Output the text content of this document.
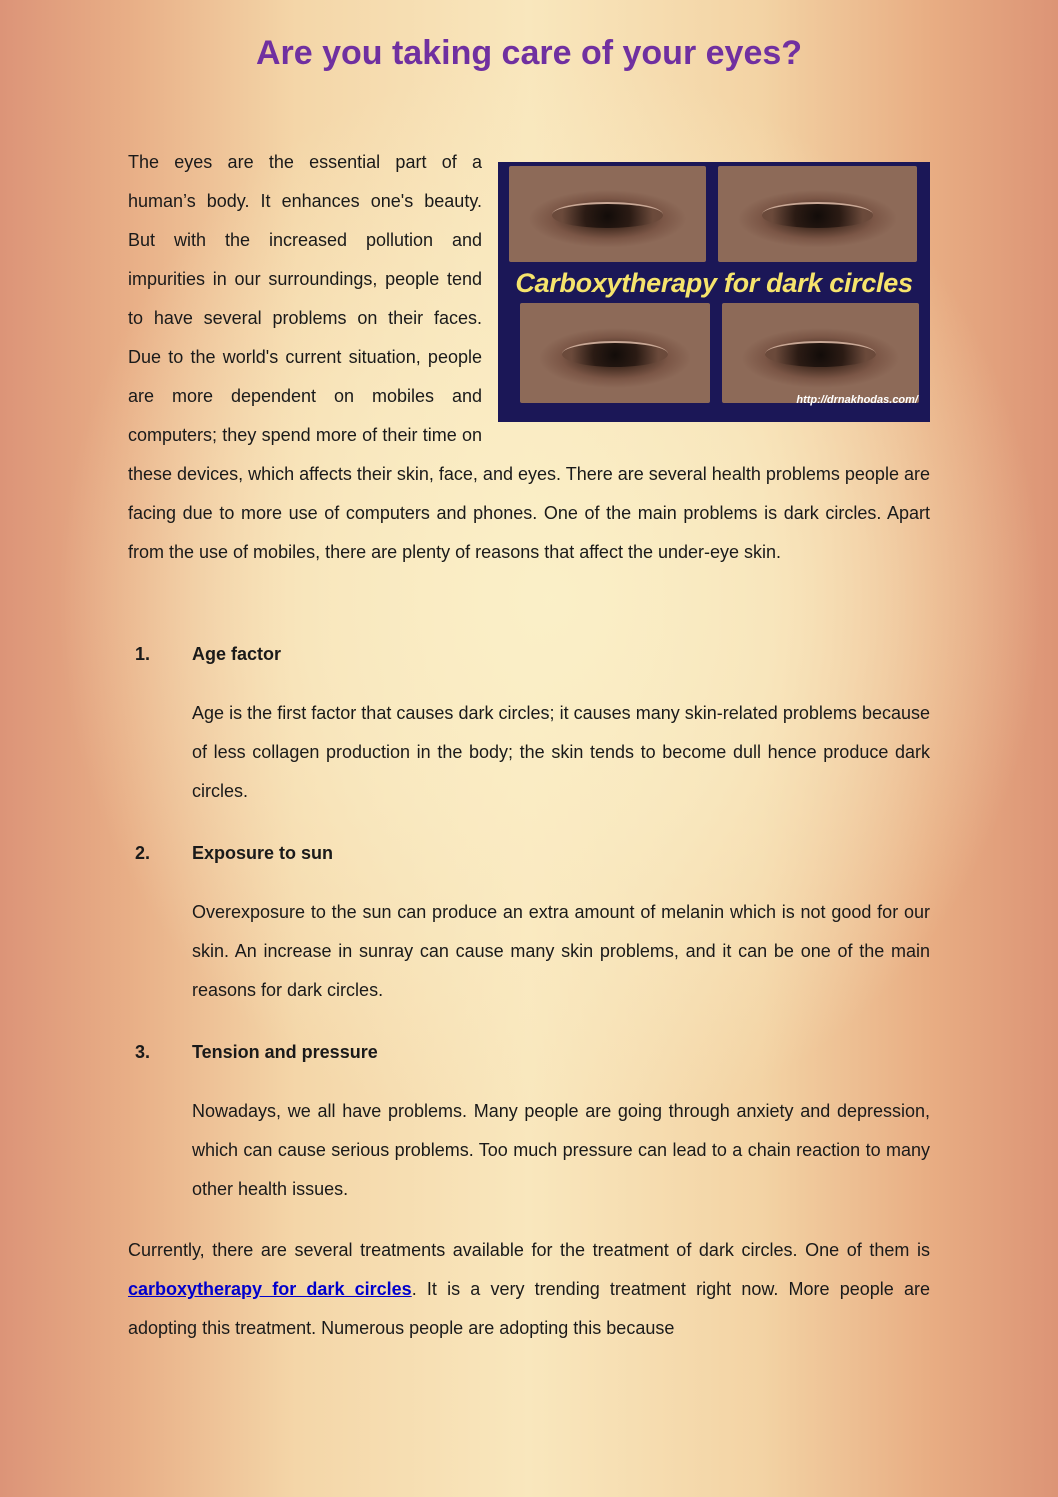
Are you taking care of your eyes?
Carboxytherapy for dark circles
http://drnakhodas.com/
The eyes are the essential part of a human’s body. It enhances one's beauty. But with the increased pollution and impurities in our surroundings, people tend to have several problems on their faces. Due to the world's current situation, people are more dependent on mobiles and computers; they spend more of their time on these devices, which affects their skin, face, and eyes. There are several health problems people are facing due to more use of computers and phones. One of the main problems is dark circles. Apart from the use of mobiles, there are plenty of reasons that affect the under-eye skin.
1. Age factor
Age is the first factor that causes dark circles; it causes many skin-related problems because of less collagen production in the body; the skin tends to become dull hence produce dark circles.
2. Exposure to sun
Overexposure to the sun can produce an extra amount of melanin which is not good for our skin. An increase in sunray can cause many skin problems, and it can be one of the main reasons for dark circles.
3. Tension and pressure
Nowadays, we all have problems. Many people are going through anxiety and depression, which can cause serious problems. Too much pressure can lead to a chain reaction to many other health issues.
Currently, there are several treatments available for the treatment of dark circles. One of them is carboxytherapy for dark circles. It is a very trending treatment right now. More people are adopting this treatment. Numerous people are adopting this because
